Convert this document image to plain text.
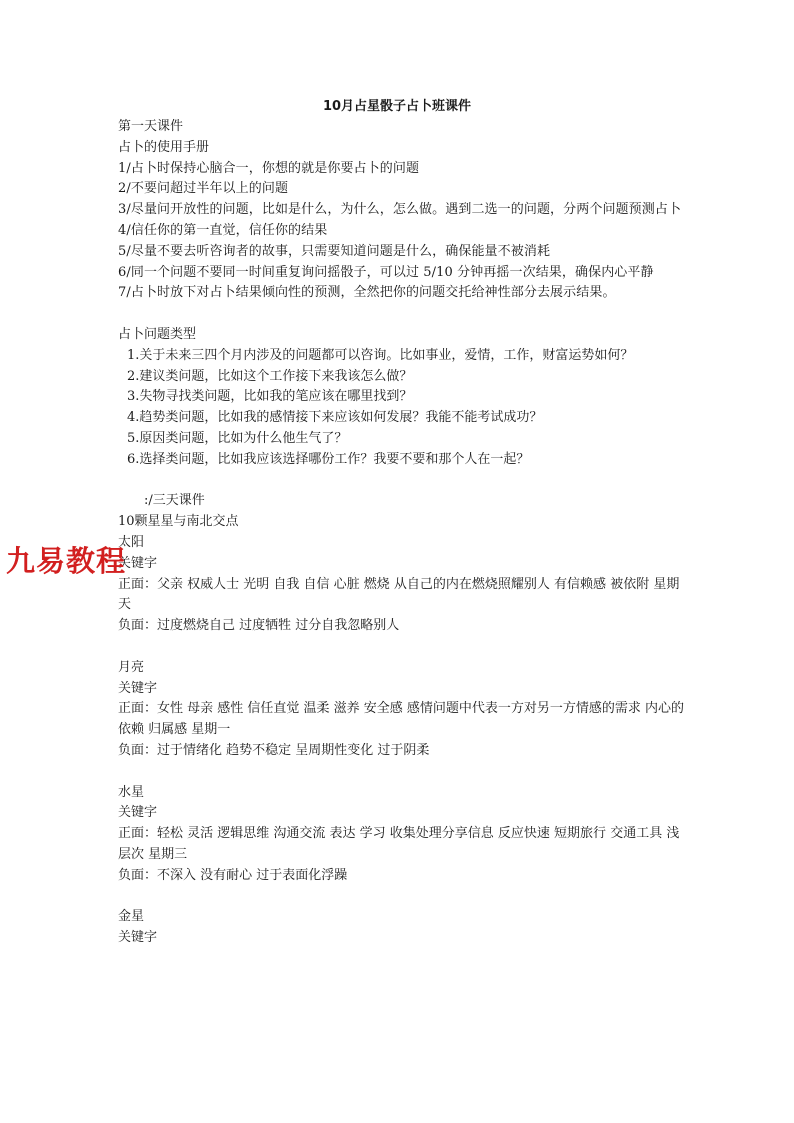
10月占星骰子占卜班课件

第一天课件

占卜的使用手册

1/占卜时保持心脑合一，你想的就是你要占卜的问题

2/不要问超过半年以上的问题

3/尽量问开放性的问题，比如是什么，为什么，怎么做。遇到二选一的问题，分两个问题预测占卜

4/信任你的第一直觉，信任你的结果

5/尽量不要去听咨询者的故事，只需要知道问题是什么，确保能量不被消耗

6/同一个问题不要同一时间重复询问摇骰子，可以过 5/10 分钟再摇一次结果，确保内心平静

7/占卜时放下对占卜结果倾向性的预测，全然把你的问题交托给神性部分去展示结果。

占卜问题类型

1.关于未来三四个月内涉及的问题都可以咨询。比如事业，爱情，工作，财富运势如何？

2.建议类问题，比如这个工作接下来我该怎么做？

3.失物寻找类问题，比如我的笔应该在哪里找到？

4.趋势类问题，比如我的感情接下来应该如何发展？我能不能考试成功？

5.原因类问题，比如为什么他生气了？

6.选择类问题，比如我应该选择哪份工作？我要不要和那个人在一起？

:/三天课件

10颗星星与南北交点

太阳

关键字

正面：父亲 权威人士 光明 自我 自信 心脏 燃烧 从自己的内在燃烧照耀别人 有信赖感 被依附 星期天

负面：过度燃烧自己 过度牺牲 过分自我忽略别人

月亮

关键字

正面：女性 母亲 感性 信任直觉 温柔 滋养 安全感 感情问题中代表一方对另一方情感的需求 内心的依赖 归属感 星期一

负面：过于情绪化 趋势不稳定 呈周期性变化 过于阴柔

水星

关键字

正面：轻松 灵活 逻辑思维 沟通交流 表达 学习 收集处理分享信息 反应快速 短期旅行 交通工具 浅层次 星期三

负面：不深入 没有耐心 过于表面化浮躁

金星

关键字

九易教程
